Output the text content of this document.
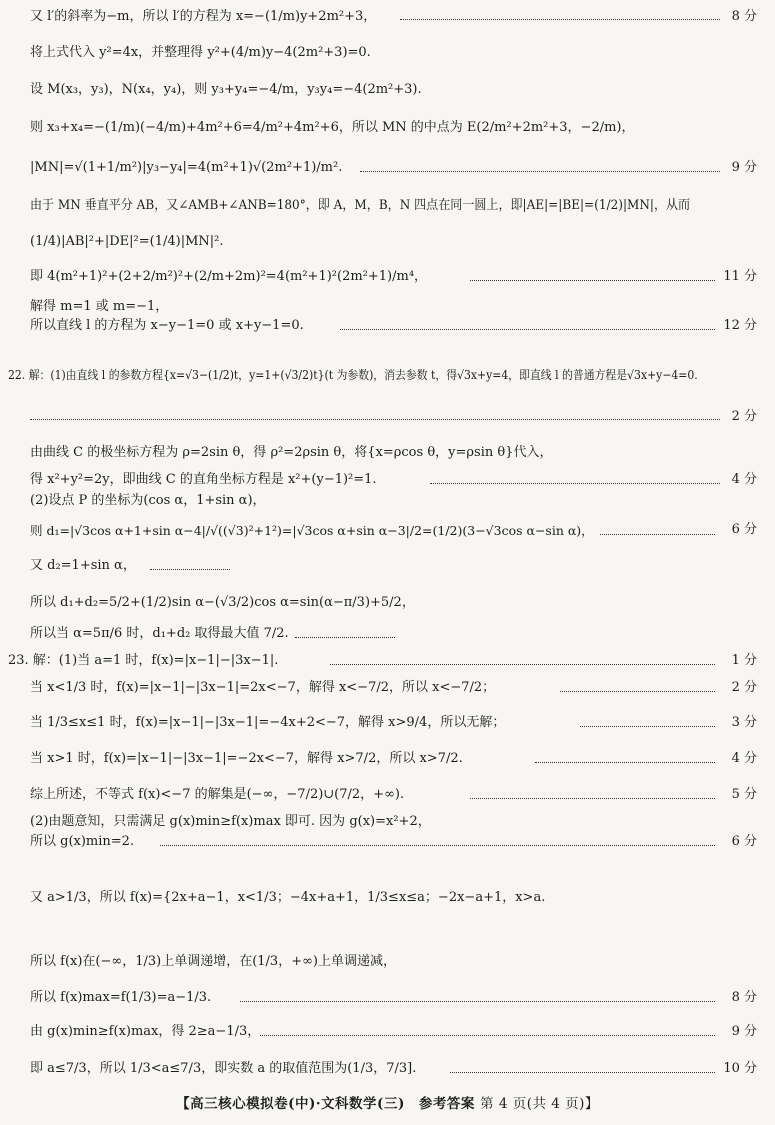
又 l′的斜率为−m，所以 l′的方程为 x=−(1/m)y+2m²+3，	8 分
将上式代入 y²=4x，并整理得 y²+(4/m)y−4(2m²+3)=0.
设 M(x₃，y₃)，N(x₄，y₄)，则 y₃+y₄=−4/m，y₃y₄=−4(2m²+3).
则 x₃+x₄=−(1/m)(−4/m)+4m²+6=4/m²+4m²+6，所以 MN 的中点为 E(2/m²+2m²+3，−2/m)，
|MN|=√(1+1/m²)|y₃−y₄|=4(m²+1)√(2m²+1)/m².	9 分
由于 MN 垂直平分 AB，又∠AMB+∠ANB=180°，即 A，M，B，N 四点在同一圆上，即|AE|=|BE|=(1/2)|MN|，从而
(1/4)|AB|²+|DE|²=(1/4)|MN|².
即 4(m²+1)²+(2+2/m²)²+(2/m+2m)²=4(m²+1)²(2m²+1)/m⁴，	11 分
解得 m=1 或 m=−1，
所以直线 l 的方程为 x−y−1=0 或 x+y−1=0.	12 分
22. 解：(1)由直线 l 的参数方程{x=√3−(1/2)t，y=1+(√3/2)t}(t 为参数)，消去参数 t，得√3x+y=4，即直线 l 的普通方程是√3x+y−4=0.
2 分
由曲线 C 的极坐标方程为 ρ=2sin θ，得 ρ²=2ρsin θ，将{x=ρcos θ，y=ρsin θ}代入，
得 x²+y²=2y，即曲线 C 的直角坐标方程是 x²+(y−1)²=1.	4 分
(2)设点 P 的坐标为(cos α，1+sin α)，
则 d₁=|√3cos α+1+sin α−4|/√((√3)²+1²)=|√3cos α+sin α−3|/2=(1/2)(3−√3cos α−sin α)，	6 分
又 d₂=1+sin α，
所以 d₁+d₂=5/2+(1/2)sin α−(√3/2)cos α=sin(α−π/3)+5/2，
所以当 α=5π/6 时，d₁+d₂ 取得最大值 7/2.
23. 解：(1)当 a=1 时，f(x)=|x−1|−|3x−1|.	1 分
当 x<1/3 时，f(x)=|x−1|−|3x−1|=2x<−7，解得 x<−7/2，所以 x<−7/2；	2 分
当 1/3≤x≤1 时，f(x)=|x−1|−|3x−1|=−4x+2<−7，解得 x>9/4，所以无解；	3 分
当 x>1 时，f(x)=|x−1|−|3x−1|=−2x<−7，解得 x>7/2，所以 x>7/2.	4 分
综上所述，不等式 f(x)<−7 的解集是(−∞，−7/2)∪(7/2，+∞).	5 分
(2)由题意知，只需满足 g(x)min≥f(x)max 即可. 因为 g(x)=x²+2，
所以 g(x)min=2.	6 分
又 a>1/3，所以 f(x)={2x+a−1，x<1/3；−4x+a+1，1/3≤x≤a；−2x−a+1，x>a.
所以 f(x)在(−∞，1/3)上单调递增，在(1/3，+∞)上单调递减，
所以 f(x)max=f(1/3)=a−1/3.	8 分
由 g(x)min≥f(x)max，得 2≥a−1/3，	9 分
即 a≤7/3，所以 1/3<a≤7/3，即实数 a 的取值范围为(1/3，7/3].	10 分
【高三核心模拟卷(中)·文科数学(三)　参考答案 第 4 页(共 4 页)】
